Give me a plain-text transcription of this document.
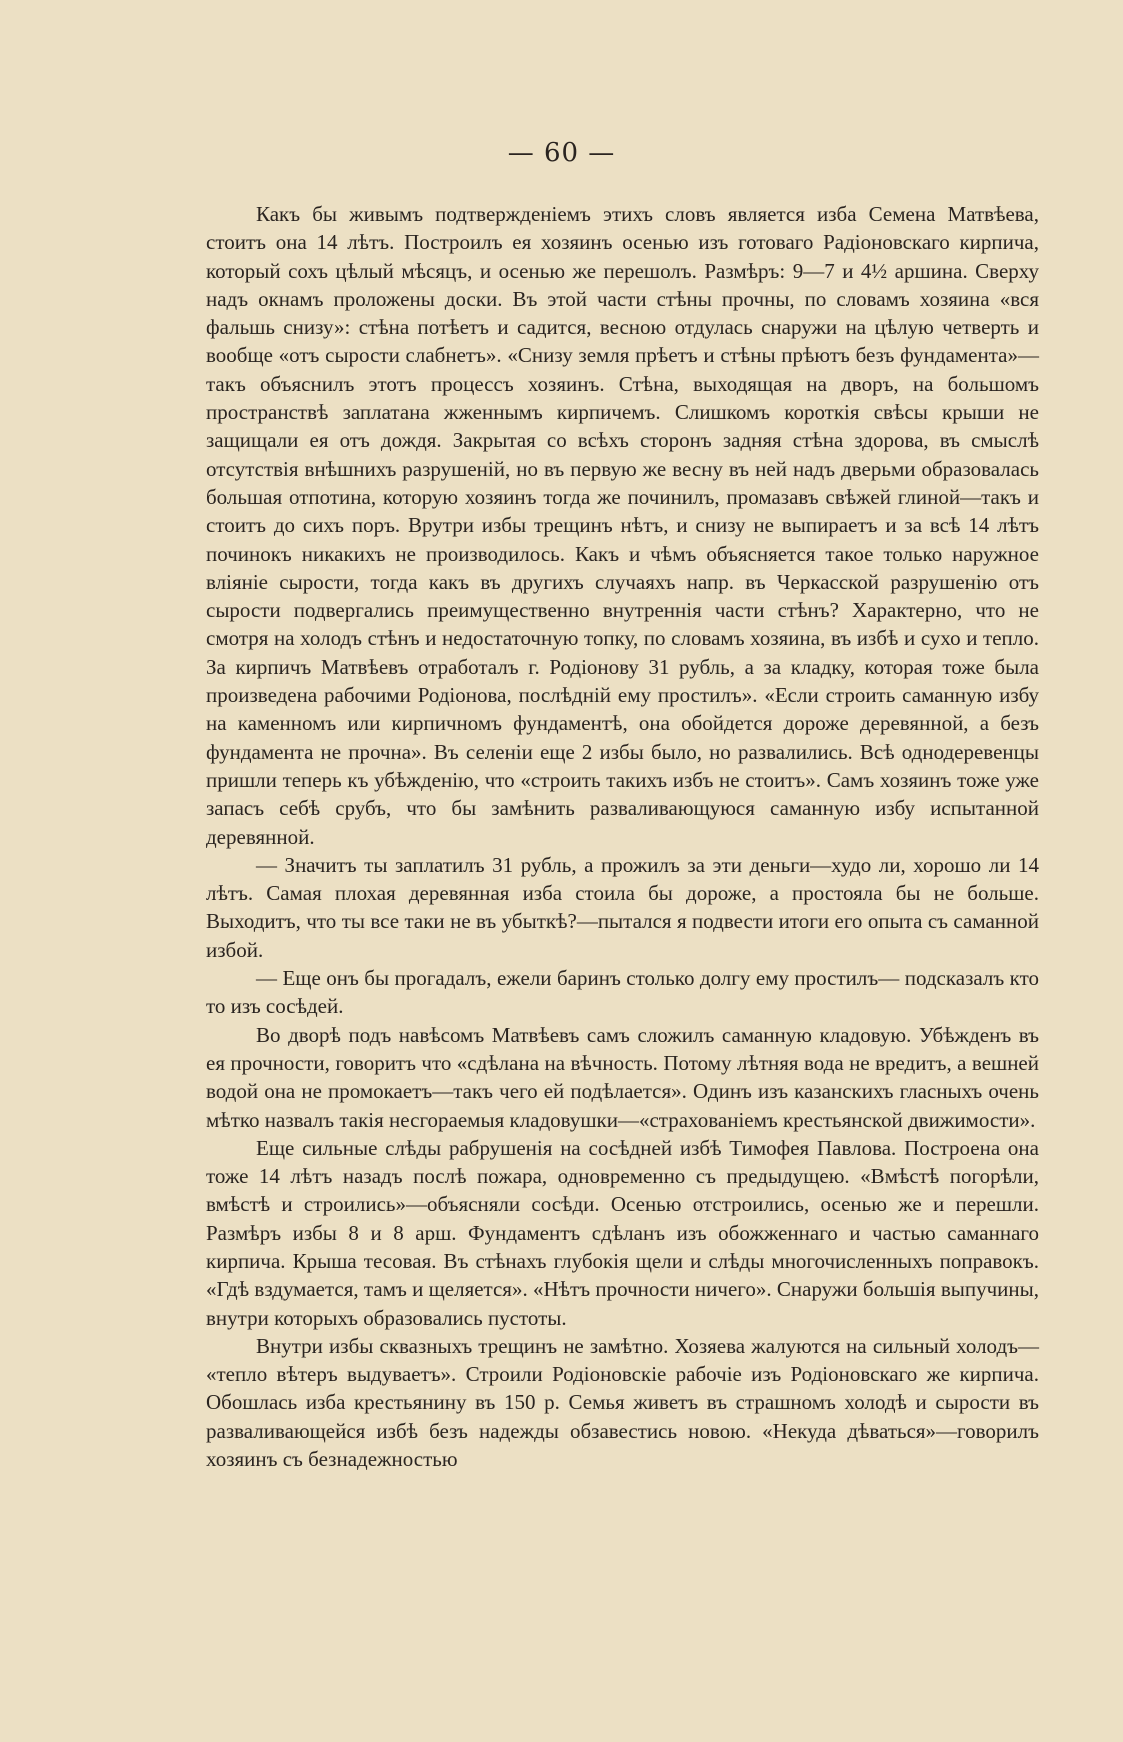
— 60 —

Какъ бы живымъ подтвержденіемъ этихъ словъ является изба Семена Матвѣева, стоитъ она 14 лѣтъ. Построилъ ея хозяинъ осенью изъ готоваго Радіоновскаго кирпича, который сохъ цѣлый мѣсяцъ, и осенью же перешолъ. Размѣръ: 9—7 и 4½ аршина. Сверху надъ окнамъ проложены доски. Въ этой части стѣны прочны, по словамъ хозяина «вся фальшь снизу»: стѣна потѣетъ и садится, весною отдулась снаружи на цѣлую четверть и вообще «отъ сырости слабнетъ». «Снизу земля прѣетъ и стѣны прѣютъ безъ фундамента»— такъ объяснилъ этотъ процессъ хозяинъ. Стѣна, выходящая на дворъ, на большомъ пространствѣ заплатана жженнымъ кирпичемъ. Слишкомъ короткія свѣсы крыши не защищали ея отъ дождя. Закрытая со всѣхъ сторонъ задняя стѣна здорова, въ смыслѣ отсутствія внѣшнихъ разрушеній, но въ первую же весну въ ней надъ дверьми образовалась большая отпотина, которую хозяинъ тогда же починилъ, промазавъ свѣжей глиной—такъ и стоитъ до сихъ поръ. Врутри избы трещинъ нѣтъ, и снизу не выпираетъ и за всѣ 14 лѣтъ починокъ никакихъ не производилось. Какъ и чѣмъ объясняется такое только наружное вліяніе сырости, тогда какъ въ другихъ случаяхъ напр. въ Черкасской разрушенію отъ сырости подвергались преимущественно внутреннія части стѣнъ? Характерно, что не смотря на холодъ стѣнъ и недостаточную топку, по словамъ хозяина, въ избѣ и сухо и тепло. За кирпичъ Матвѣевъ отработалъ г. Родіонову 31 рубль, а за кладку, которая тоже была произведена рабочими Родіонова, послѣдній ему простилъ». «Если строить саманную избу на каменномъ или кирпичномъ фундаментѣ, она обойдется дороже деревянной, а безъ фундамента не прочна». Въ селеніи еще 2 избы было, но развалились. Всѣ однодеревенцы пришли теперь къ убѣжденію, что «строить такихъ избъ не стоитъ». Самъ хозяинъ тоже уже запасъ себѣ срубъ, что бы замѣнить разваливающуюся саманную избу испытанной деревянной.

— Значитъ ты заплатилъ 31 рубль, а прожилъ за эти деньги—худо ли, хорошо ли 14 лѣтъ. Самая плохая деревянная изба стоила бы дороже, а простояла бы не больше. Выходитъ, что ты все таки не въ убыткѣ?—пытался я подвести итоги его опыта съ саманной избой.

— Еще онъ бы прогадалъ, ежели баринъ столько долгу ему простилъ— подсказалъ кто то изъ сосѣдей.

Во дворѣ подъ навѣсомъ Матвѣевъ самъ сложилъ саманную кладовую. Убѣжденъ въ ея прочности, говоритъ что «сдѣлана на вѣчность. Потому лѣтняя вода не вредитъ, а вешней водой она не промокаетъ—такъ чего ей подѣлается». Одинъ изъ казанскихъ гласныхъ очень мѣтко назвалъ такія несгораемыя кладовушки—«страхованіемъ крестьянской движимости».

Еще сильные слѣды рабрушенія на сосѣдней избѣ Тимофея Павлова. Построена она тоже 14 лѣтъ назадъ послѣ пожара, одновременно съ предыдущею. «Вмѣстѣ погорѣли, вмѣстѣ и строились»—объясняли сосѣди. Осенью отстроились, осенью же и перешли. Размѣръ избы 8 и 8 арш. Фундаментъ сдѣланъ изъ обожженнаго и частью саманнаго кирпича. Крыша тесовая. Въ стѣнахъ глубокія щели и слѣды многочисленныхъ поправокъ. «Гдѣ вздумается, тамъ и щеляется». «Нѣтъ прочности ничего». Снаружи большія выпучины, внутри которыхъ образовались пустоты.

Внутри избы сквазныхъ трещинъ не замѣтно. Хозяева жалуются на сильный холодъ— «тепло вѣтеръ выдуваетъ». Строили Родіоновскіе рабочіе изъ Родіоновскаго же кирпича. Обошлась изба крестьянину въ 150 р. Семья живетъ въ страшномъ холодѣ и сырости въ разваливающейся избѣ безъ надежды обзавестись новою. «Некуда дѣваться»—говорилъ хозяинъ съ безнадежностью
